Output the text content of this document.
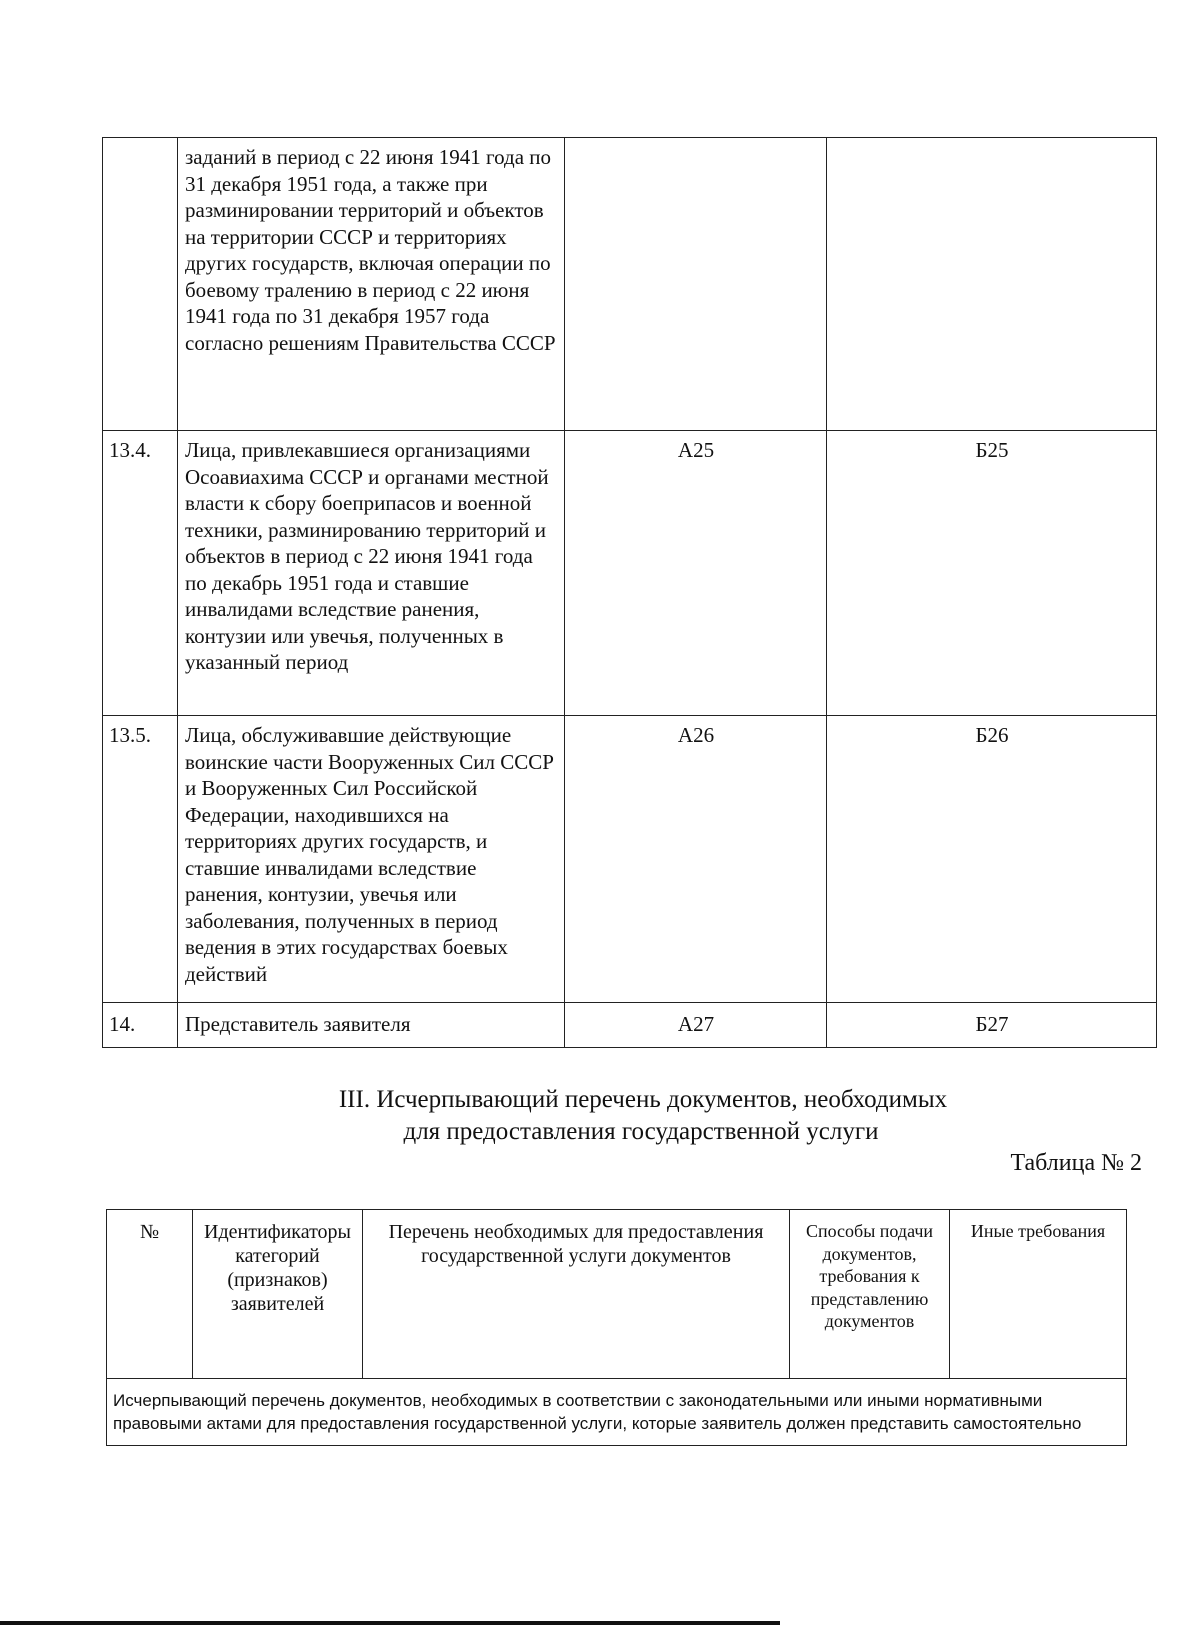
	заданий в период с 22 июня 1941 года по 31 декабря 1951 года, а также при разминировании территорий и объектов на территории СССР и территориях других государств, включая операции по боевому тралению в период с 22 июня 1941 года по 31 декабря 1957 года согласно решениям Правительства СССР		
13.4.	Лица, привлекавшиеся организациями Осоавиахима СССР и органами местной власти к сбору боеприпасов и военной техники, разминированию территорий и объектов в период с 22 июня 1941 года по декабрь 1951 года и ставшие инвалидами вследствие ранения, контузии или увечья, полученных в указанный период	А25	Б25
13.5.	Лица, обслуживавшие действующие воинские части Вооруженных Сил СССР и Вооруженных Сил Российской Федерации, находившихся на территориях других государств, и ставшие инвалидами вследствие ранения, контузии, увечья или заболевания, полученных в период ведения в этих государствах боевых действий	А26	Б26
14.	Представитель заявителя	А27	Б27
III. Исчерпывающий перечень документов, необходимых
для предоставления государственной услуги
Таблица № 2
№	Идентификаторы категорий (признаков) заявителей	Перечень необходимых для предоставления государственной услуги документов	Способы подачи документов, требования к представлению документов	Иные требования
Исчерпывающий перечень документов, необходимых в соответствии с законодательными или иными нормативными правовыми актами для предоставления государственной услуги, которые заявитель должен представить самостоятельно
